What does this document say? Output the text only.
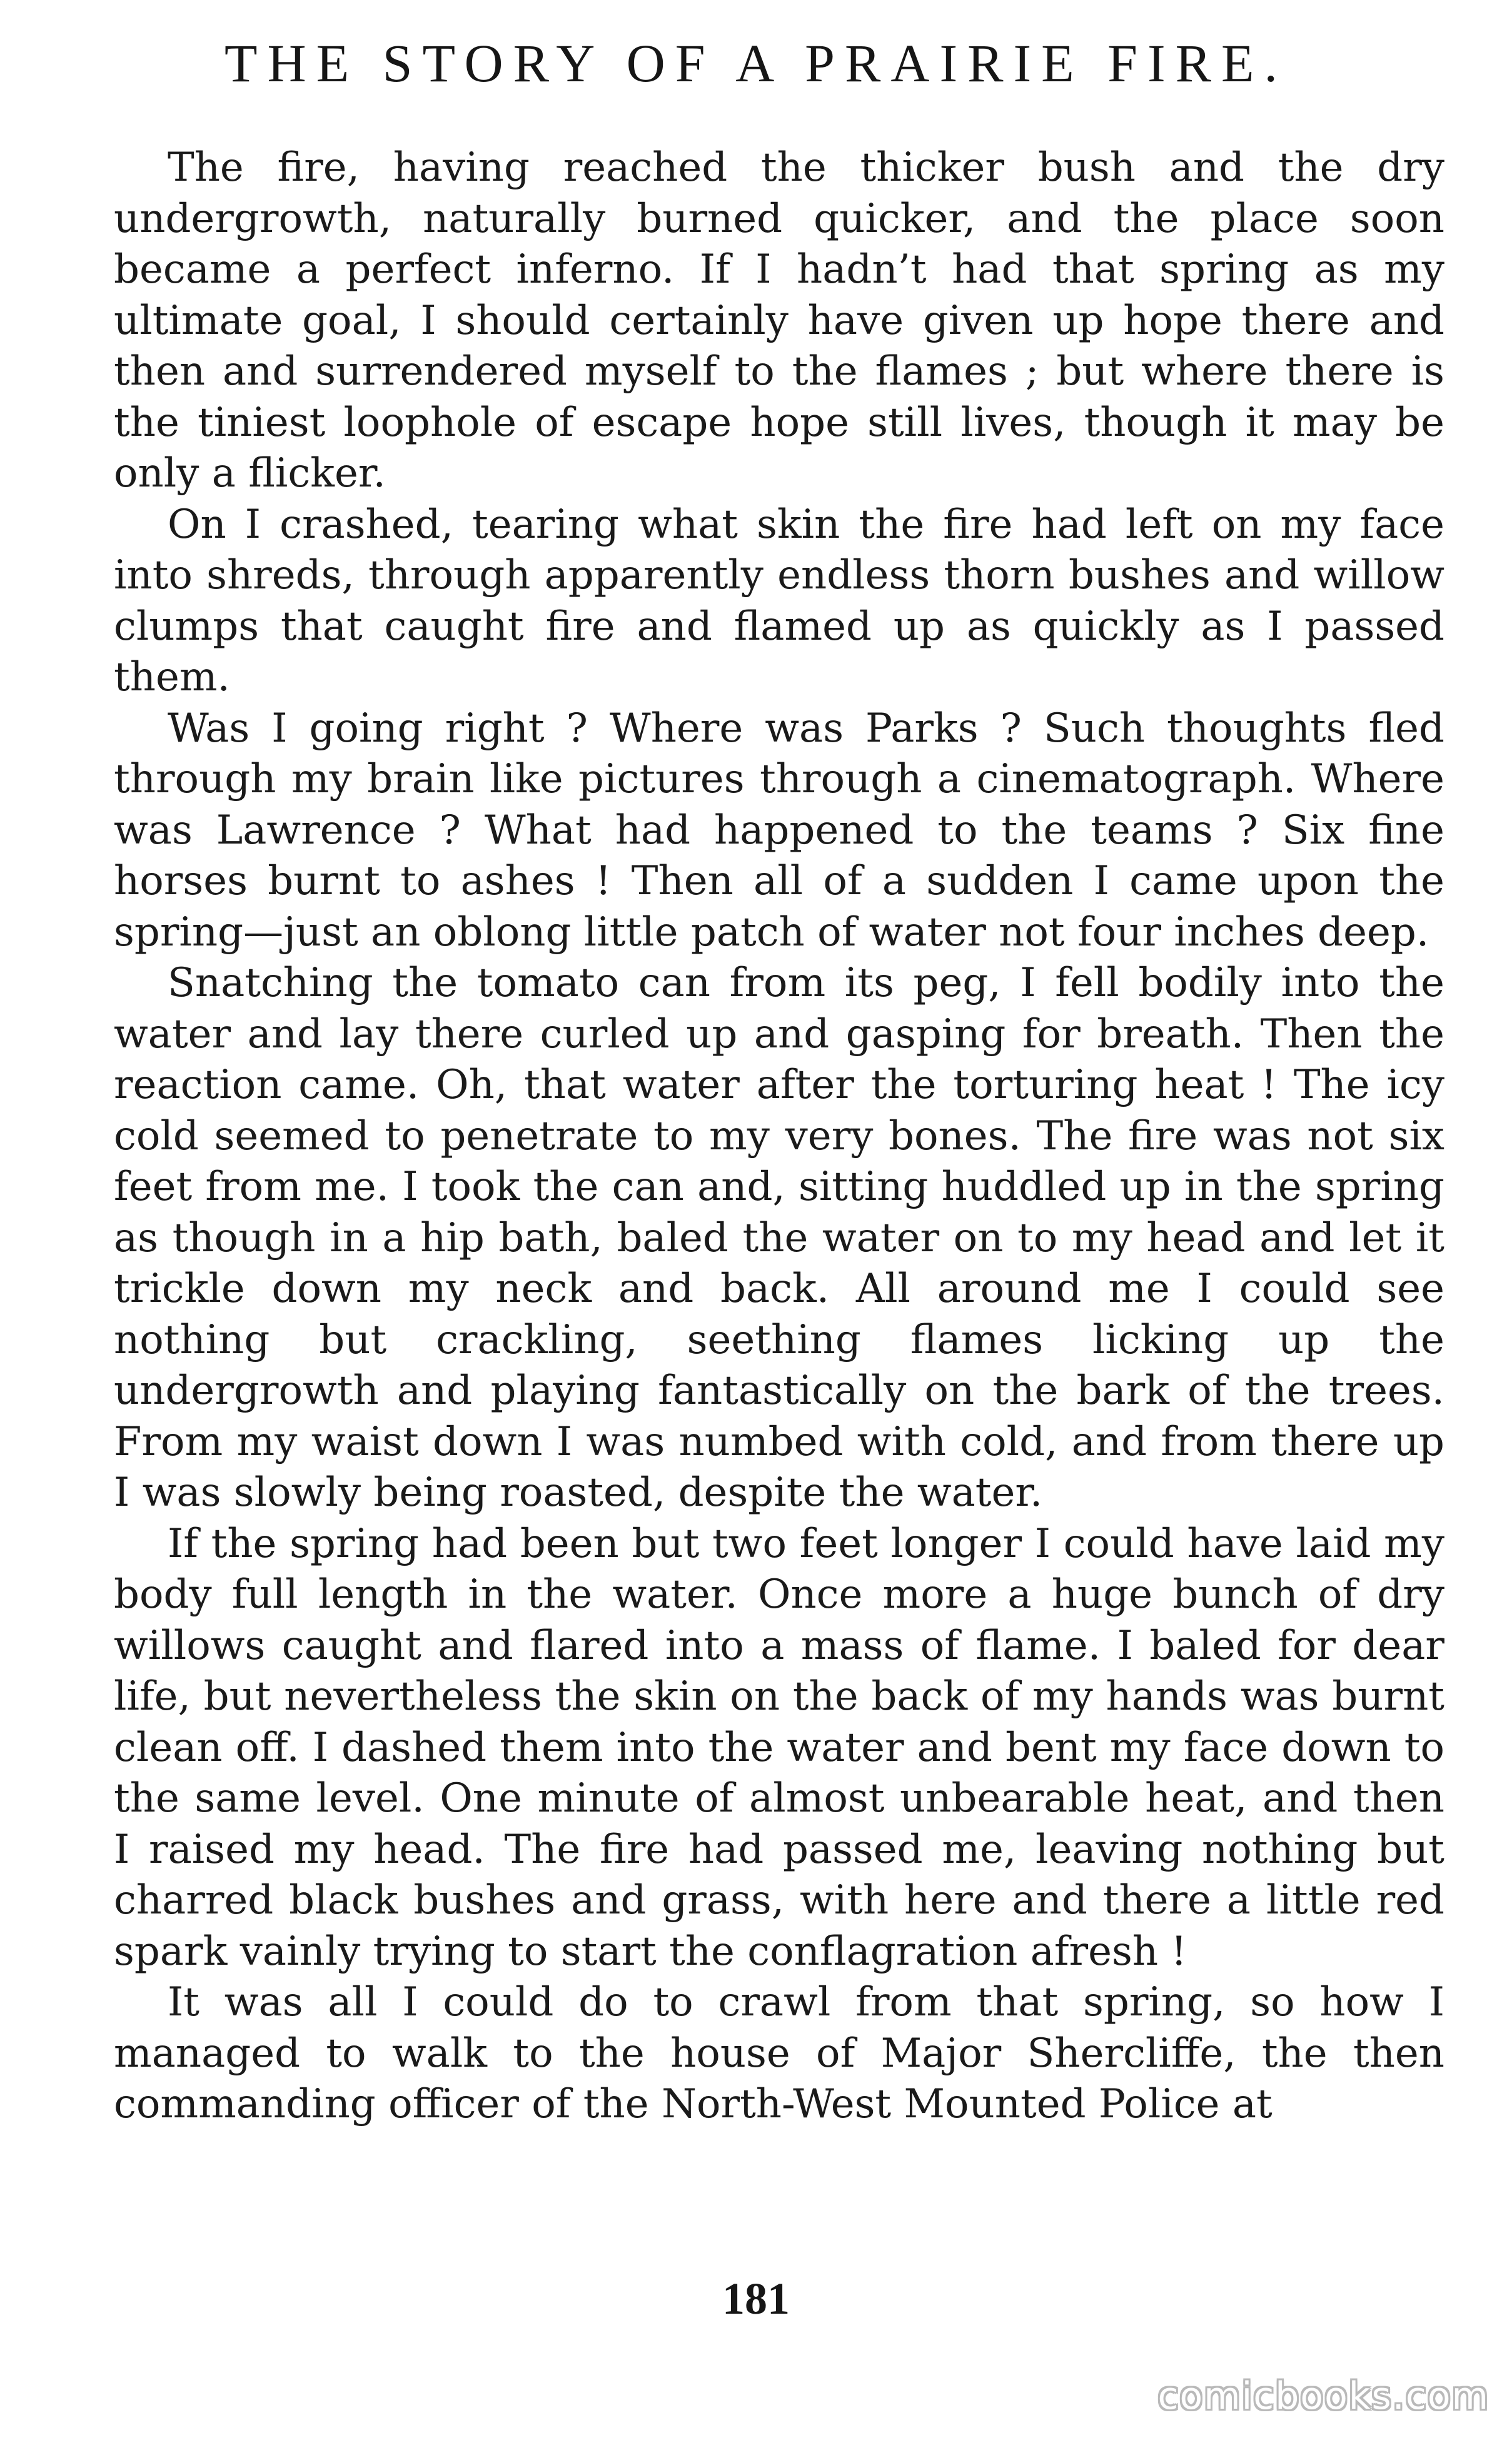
THE STORY OF A PRAIRIE FIRE.

The fire, having reached the thicker bush and the dry undergrowth, naturally burned quicker, and the place soon became a perfect inferno. If I hadn’t had that spring as my ultimate goal, I should certainly have given up hope there and then and surrendered myself to the flames ; but where there is the tiniest loophole of escape hope still lives, though it may be only a flicker.

On I crashed, tearing what skin the fire had left on my face into shreds, through apparently endless thorn bushes and willow clumps that caught fire and flamed up as quickly as I passed them.

Was I going right ? Where was Parks ? Such thoughts fled through my brain like pictures through a cinematograph. Where was Lawrence ? What had happened to the teams ? Six fine horses burnt to ashes ! Then all of a sudden I came upon the spring—just an oblong little patch of water not four inches deep.

Snatching the tomato can from its peg, I fell bodily into the water and lay there curled up and gasping for breath. Then the reaction came. Oh, that water after the torturing heat ! The icy cold seemed to penetrate to my very bones. The fire was not six feet from me. I took the can and, sitting huddled up in the spring as though in a hip bath, baled the water on to my head and let it trickle down my neck and back. All around me I could see nothing but crackling, seething flames licking up the undergrowth and playing fantastically on the bark of the trees. From my waist down I was numbed with cold, and from there up I was slowly being roasted, despite the water.

If the spring had been but two feet longer I could have laid my body full length in the water. Once more a huge bunch of dry willows caught and flared into a mass of flame. I baled for dear life, but nevertheless the skin on the back of my hands was burnt clean off. I dashed them into the water and bent my face down to the same level. One minute of almost unbearable heat, and then I raised my head. The fire had passed me, leaving nothing but charred black bushes and grass, with here and there a little red spark vainly trying to start the conflagration afresh !

It was all I could do to crawl from that spring, so how I managed to walk to the house of Major Shercliffe, the then commanding officer of the North-West Mounted Police at

181
comicbooks.com
